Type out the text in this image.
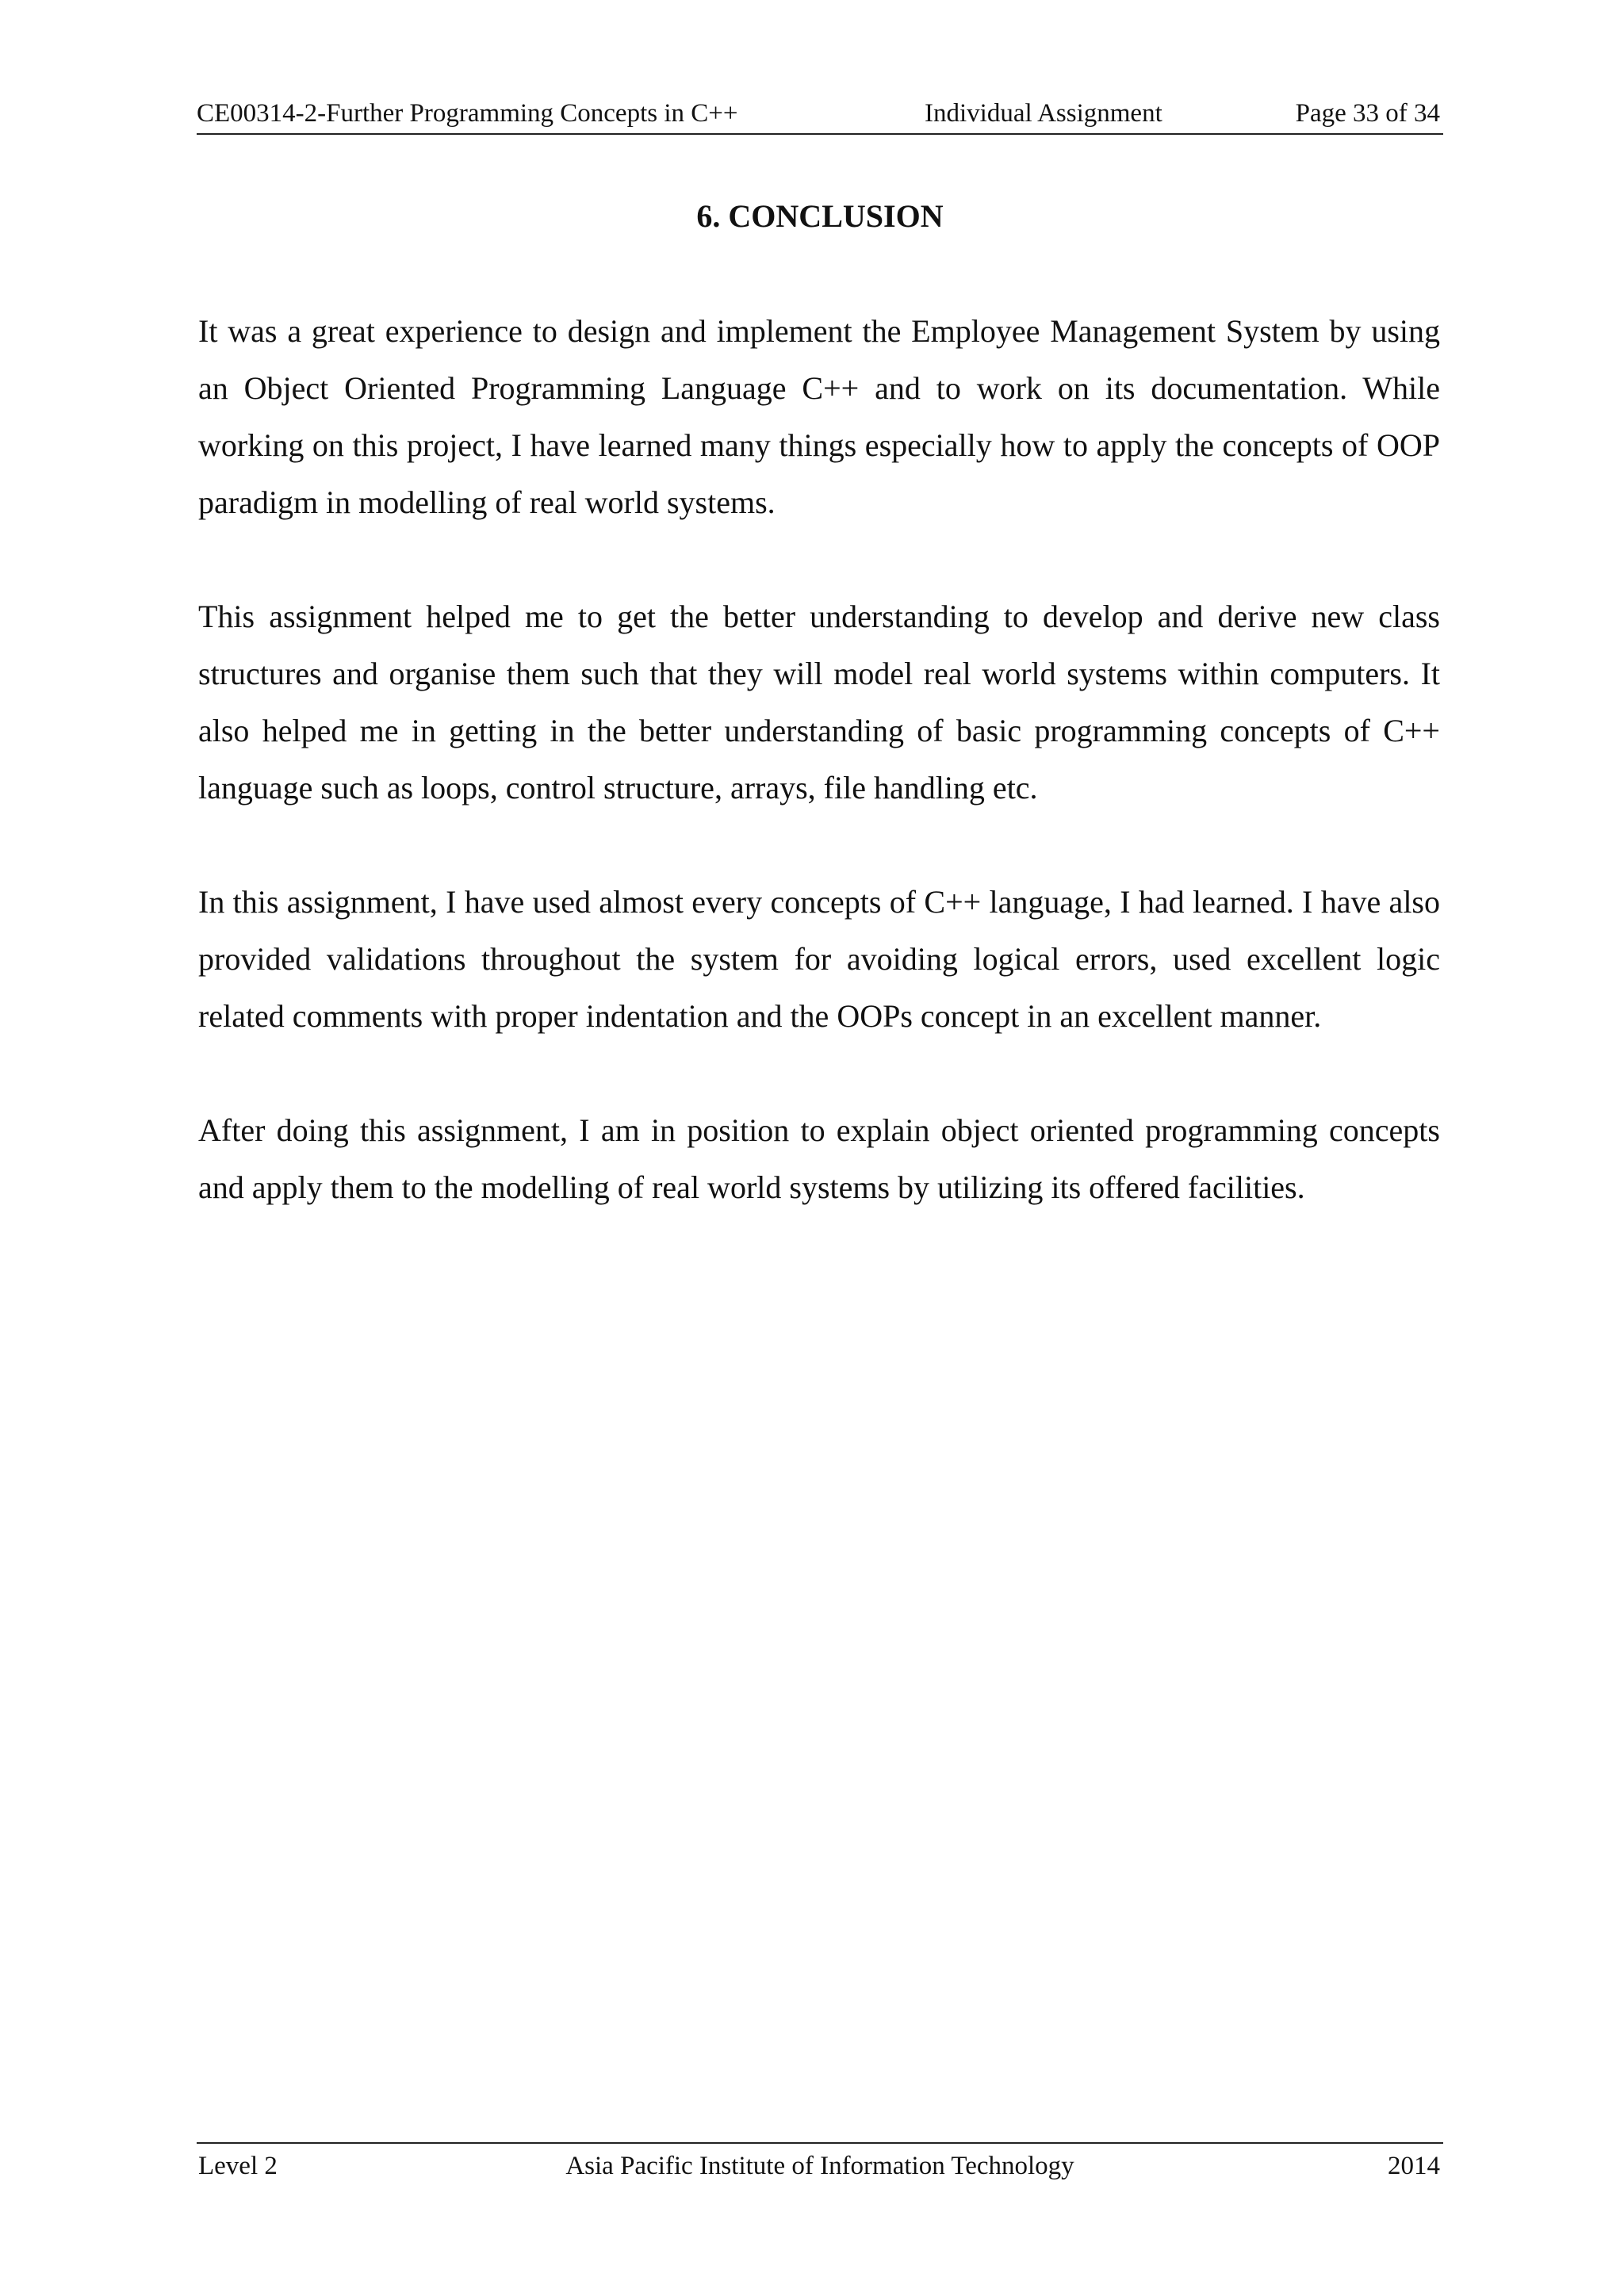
CE00314-2-Further Programming Concepts in C++	Individual Assignment	Page 33 of 34
6. CONCLUSION

It was a great experience to design and implement the Employee Management System by using an Object Oriented Programming Language C++ and to work on its documentation. While working on this project, I have learned many things especially how to apply the concepts of OOP paradigm in modelling of real world systems.

This assignment helped me to get the better understanding to develop and derive new class structures and organise them such that they will model real world systems within computers. It also helped me in getting in the better understanding of basic programming concepts of C++ language such as loops, control structure, arrays, file handling etc.

In this assignment, I have used almost every concepts of C++ language, I had learned. I have also provided validations throughout the system for avoiding logical errors, used excellent logic related comments with proper indentation and the OOPs concept in an excellent manner.

After doing this assignment, I am in position to explain object oriented programming concepts and apply them to the modelling of real world systems by utilizing its offered facilities.

Asia Pacific Institute of Information Technology
Level 2	2014
